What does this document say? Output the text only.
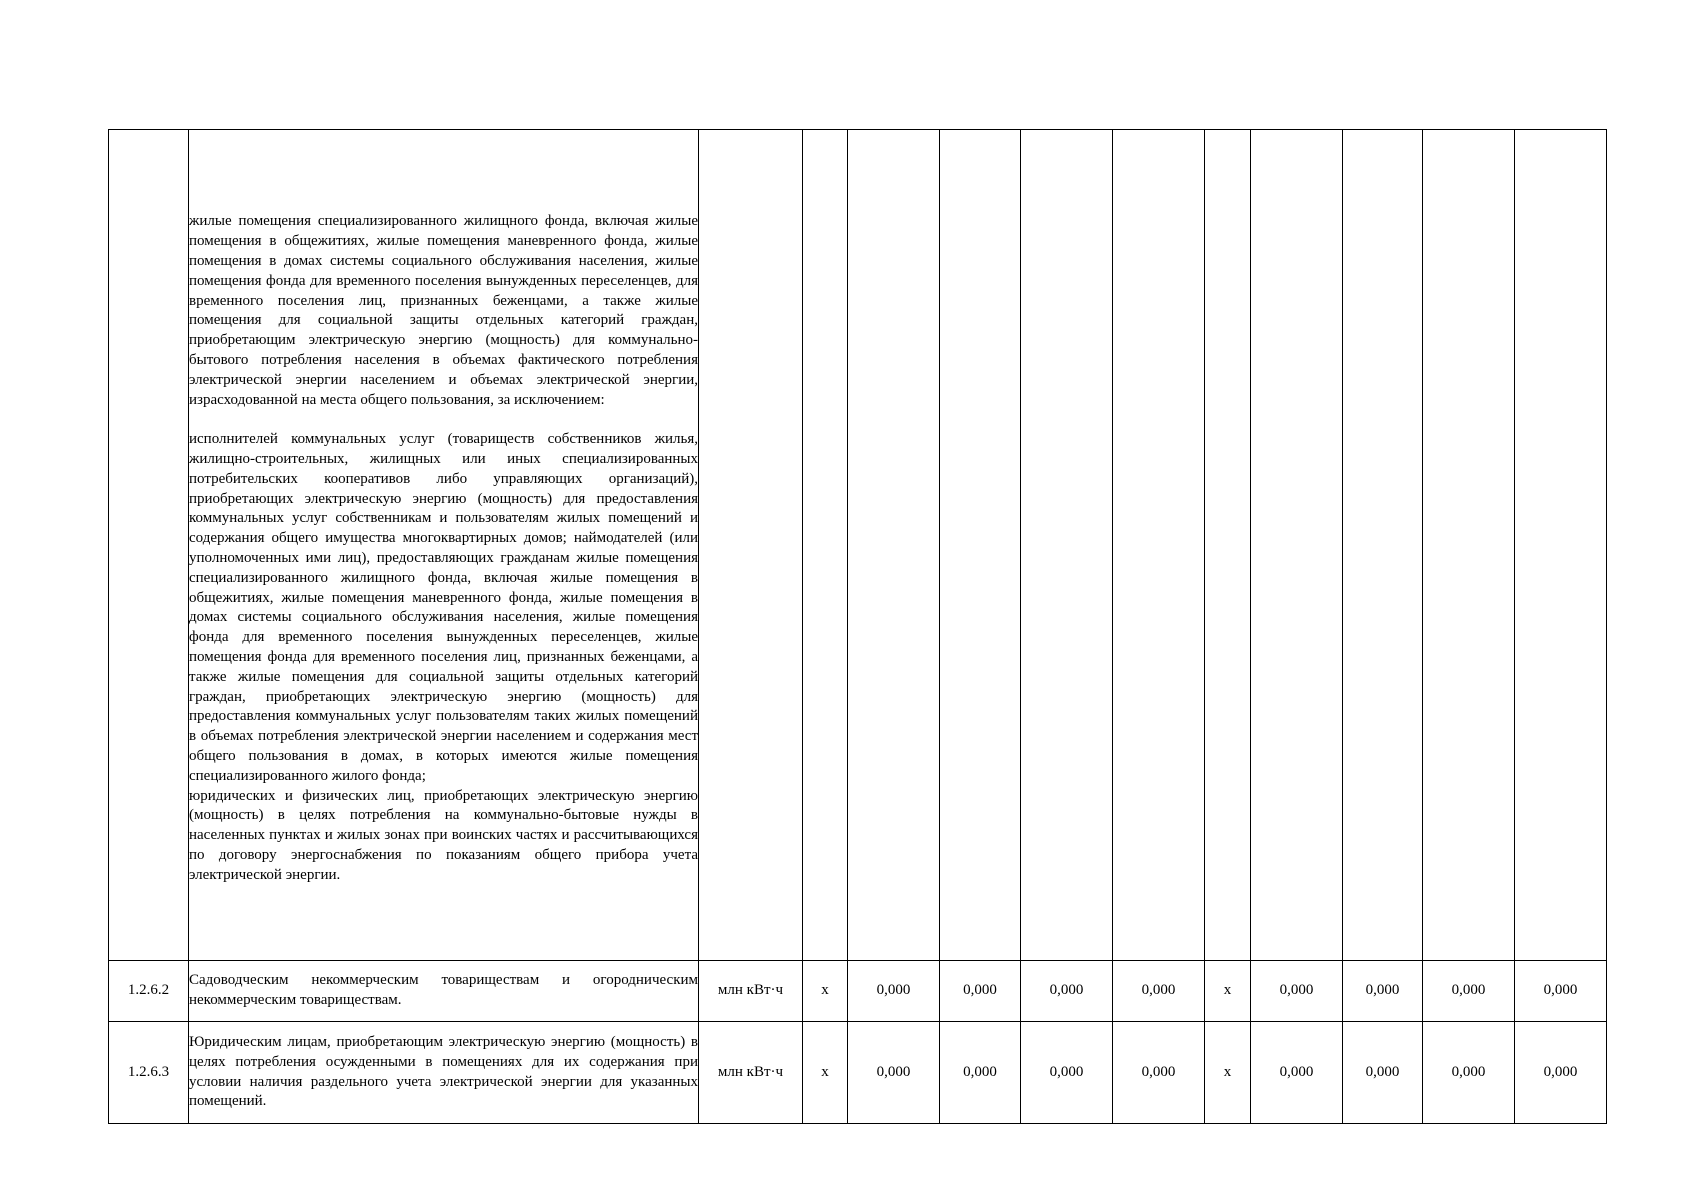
	жилые помещения специализированного жилищного фонда, включая жилые помещения в общежитиях, жилые помещения маневренного фонда, жилые помещения в домах системы социального обслуживания населения, жилые помещения фонда для временного поселения вынужденных переселенцев, для временного поселения лиц, признанных беженцами, а также жилые помещения для социальной защиты отдельных категорий граждан, приобретающим электрическую энергию (мощность) для коммунально-бытового потребления населения в объемах фактического потребления электрической энергии населением и объемах электрической энергии, израсходованной на места общего пользования, за исключением:
исполнителей коммунальных услуг (товариществ собственников жилья, жилищно-строительных, жилищных или иных специализированных потребительских кооперативов либо управляющих организаций), приобретающих электрическую энергию (мощность) для предоставления коммунальных услуг собственникам и пользователям жилых помещений и содержания общего имущества многоквартирных домов; наймодателей (или уполномоченных ими лиц), предоставляющих гражданам жилые помещения специализированного жилищного фонда, включая жилые помещения в общежитиях, жилые помещения маневренного фонда, жилые помещения в домах системы социального обслуживания населения, жилые помещения фонда для временного поселения вынужденных переселенцев, жилые помещения фонда для временного поселения лиц, признанных беженцами, а также жилые помещения для социальной защиты отдельных категорий граждан, приобретающих электрическую энергию (мощность) для предоставления коммунальных услуг пользователям таких жилых помещений в объемах потребления электрической энергии населением и содержания мест общего пользования в домах, в которых имеются жилые помещения специализированного жилого фонда;
юридических и физических лиц, приобретающих электрическую энергию (мощность) в целях потребления на коммунально-бытовые нужды в населенных пунктах и жилых зонах при воинских частях и рассчитывающихся по договору энергоснабжения по показаниям общего прибора учета электрической энергии.											

1.2.6.2	Садоводческим некоммерческим товариществам и огородническим некоммерческим товариществам.	млн кВт·ч	х	0,000	0,000	0,000	0,000	х	0,000	0,000	0,000	0,000
1.2.6.3	Юридическим лицам, приобретающим электрическую энергию (мощность) в целях потребления осужденными в помещениях для их содержания при условии наличия раздельного учета электрической энергии для указанных помещений.	млн кВт·ч	х	0,000	0,000	0,000	0,000	х	0,000	0,000	0,000	0,000
